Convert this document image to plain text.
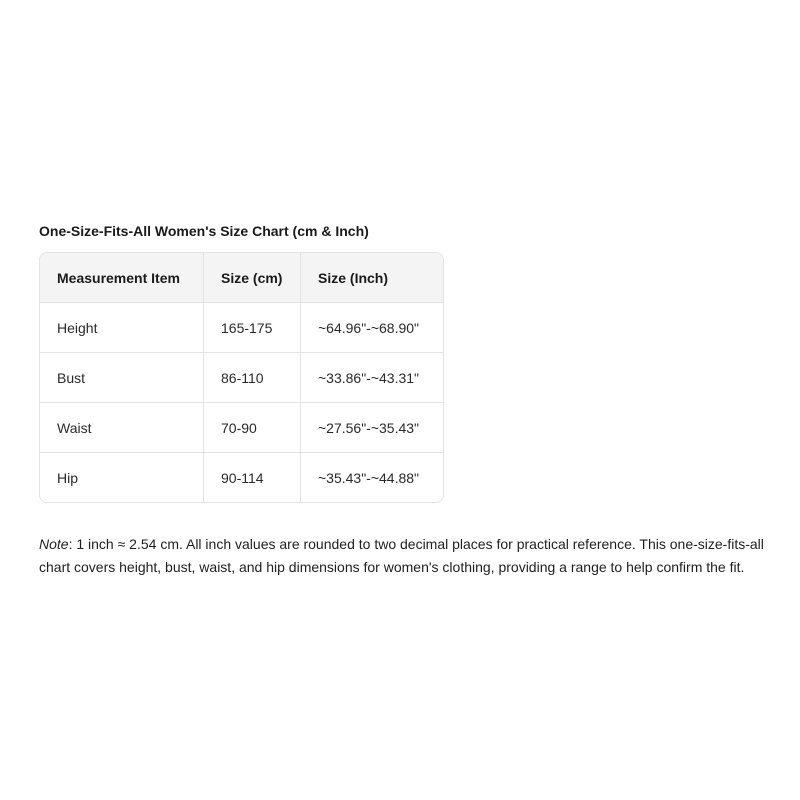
One-Size-Fits-All Women's Size Chart (cm & Inch)
Measurement Item	Size (cm)	Size (Inch)
Height	165-175	~64.96"-~68.90"
Bust	86-110	~33.86"-~43.31"
Waist	70-90	~27.56"-~35.43"
Hip	90-114	~35.43"-~44.88"

Note: 1 inch ≈ 2.54 cm. All inch values are rounded to two decimal places for practical reference. This one-size-fits-all chart covers height, bust, waist, and hip dimensions for women's clothing, providing a range to help confirm the fit.
